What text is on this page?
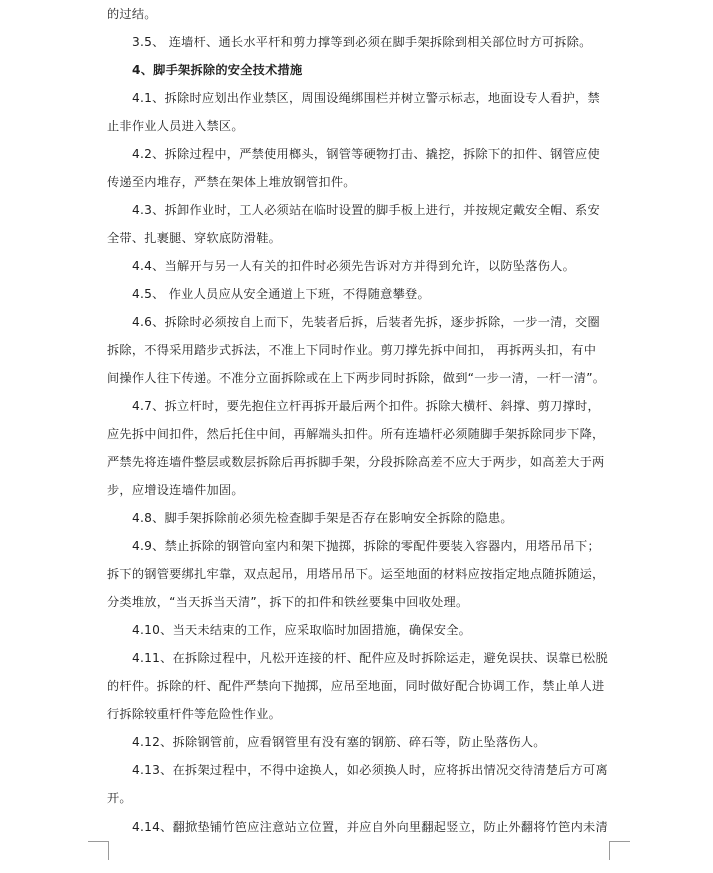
的过结。
3.5、 连墙杆、通长水平杆和剪力撑等到必须在脚手架拆除到相关部位时方可拆除。
4、脚手架拆除的安全技术措施
4.1、拆除时应划出作业禁区，周围设绳绑围栏并树立警示标志，地面设专人看护，禁
止非作业人员进入禁区。
4.2、拆除过程中，严禁使用榔头，钢管等硬物打击、撬挖，拆除下的扣件、钢管应使
传递至内堆存，严禁在架体上堆放钢管扣件。
4.3、拆卸作业时，工人必须站在临时设置的脚手板上进行，并按规定戴安全帽、系安
全带、扎裹腿、穿软底防滑鞋。
4.4、当解开与另一人有关的扣件时必须先告诉对方并得到允许，以防坠落伤人。
4.5、 作业人员应从安全通道上下班，不得随意攀登。
4.6、拆除时必须按自上而下，先装者后拆，后装者先拆，逐步拆除，一步一清，交圈
拆除，不得采用踏步式拆法，不准上下同时作业。剪刀撑先拆中间扣， 再拆两头扣，有中
间操作人往下传递。不准分立面拆除或在上下两步同时拆除，做到“一步一清，一杆一清”。
4.7、拆立杆时，要先抱住立杆再拆开最后两个扣件。拆除大横杆、斜撑、剪刀撑时，
应先拆中间扣件，然后托住中间，再解端头扣件。所有连墙杆必须随脚手架拆除同步下降，
严禁先将连墙件整层或数层拆除后再拆脚手架，分段拆除高差不应大于两步，如高差大于两
步，应增设连墙件加固。
4.8、脚手架拆除前必须先检查脚手架是否存在影响安全拆除的隐患。
4.9、禁止拆除的钢管向室内和架下抛掷，拆除的零配件要装入容器内，用塔吊吊下；
拆下的钢管要绑扎牢靠，双点起吊，用塔吊吊下。运至地面的材料应按指定地点随拆随运，
分类堆放，“当天拆当天清”，拆下的扣件和铁丝要集中回收处理。
4.10、当天未结束的工作，应采取临时加固措施，确保安全。
4.11、在拆除过程中，凡松开连接的杆、配件应及时拆除运走，避免误扶、误靠已松脱
的杆件。拆除的杆、配件严禁向下抛掷，应吊至地面，同时做好配合协调工作，禁止单人进
行拆除较重杆件等危险性作业。
4.12、拆除钢管前，应看钢管里有没有塞的钢筋、碎石等，防止坠落伤人。
4.13、在拆架过程中，不得中途换人，如必须换人时，应将拆出情况交待清楚后方可离
开。
4.14、翻掀垫铺竹笆应注意站立位置，并应自外向里翻起竖立，防止外翻将竹笆内未清
